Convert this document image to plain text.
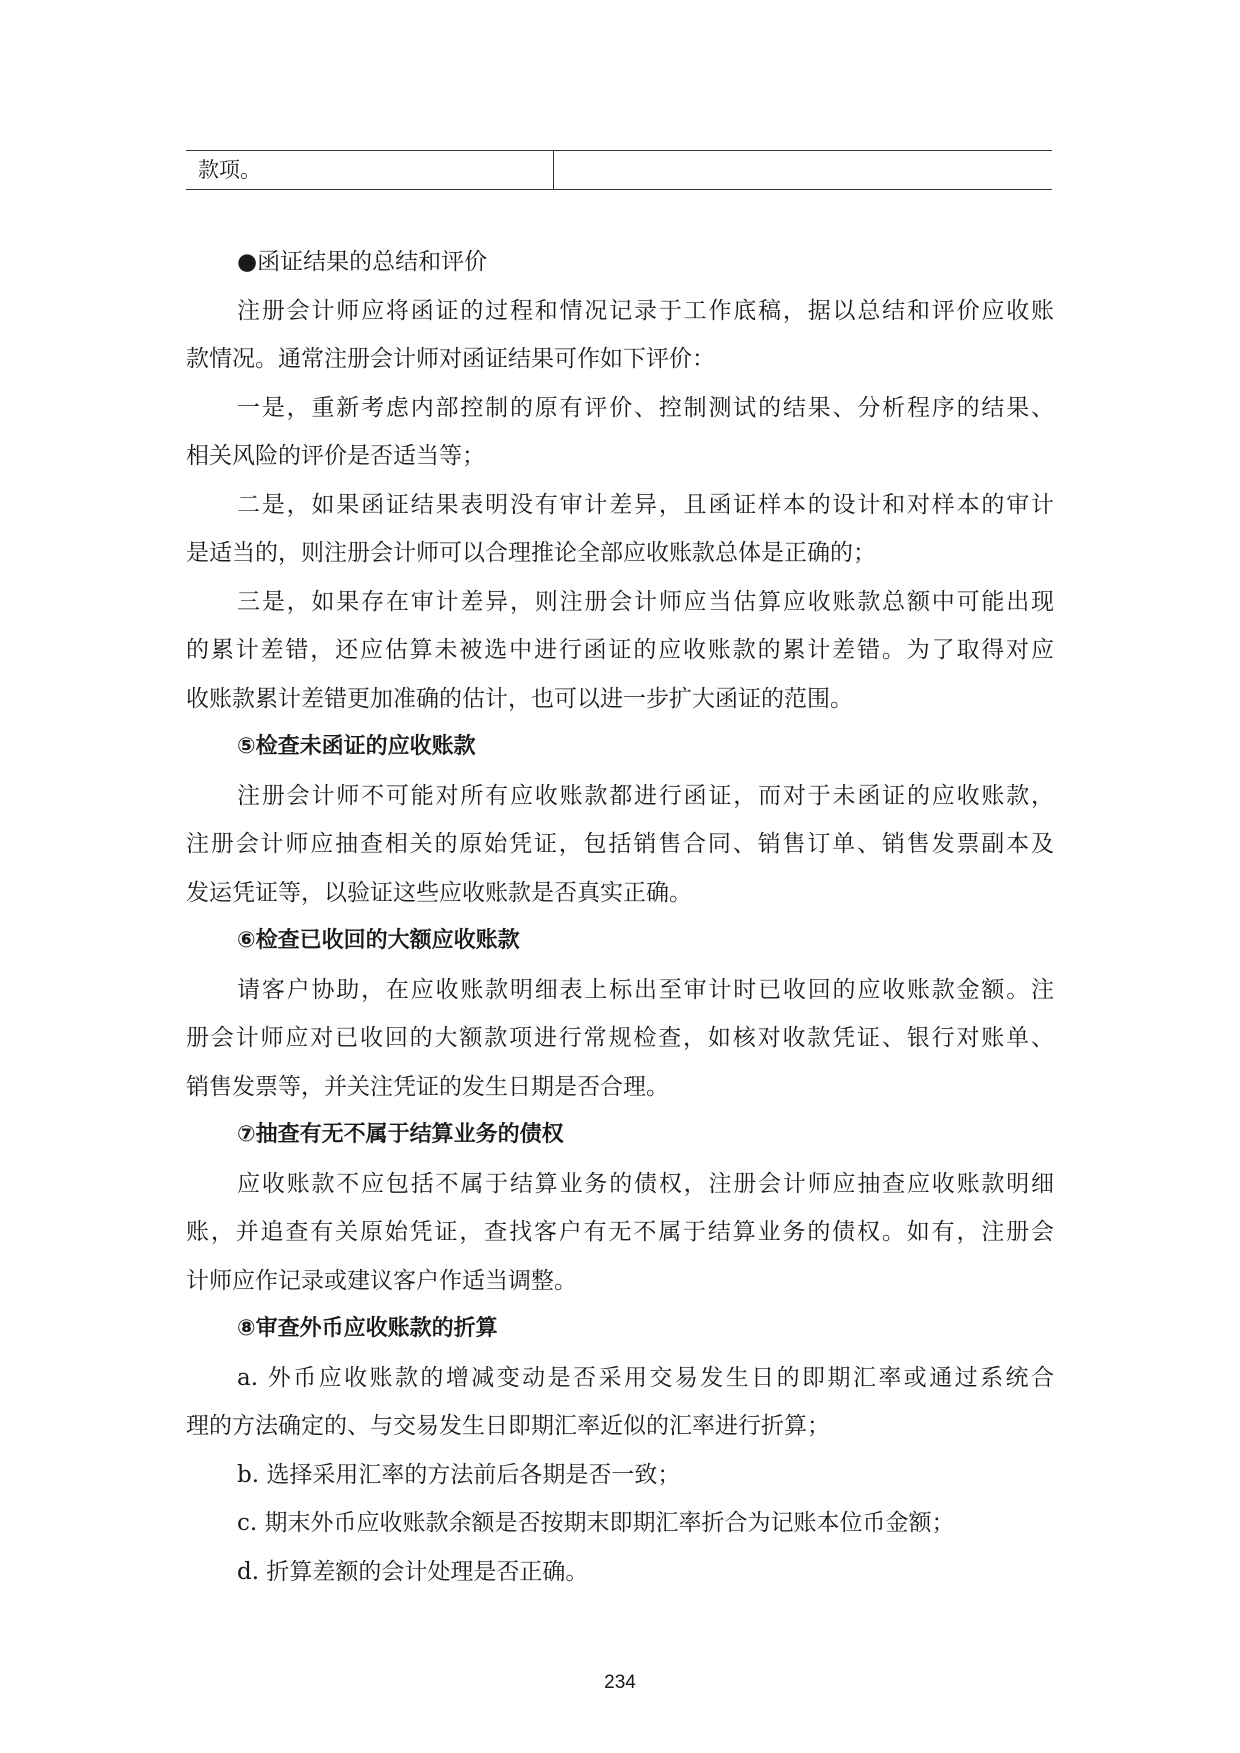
款项。
●函证结果的总结和评价
注册会计师应将函证的过程和情况记录于工作底稿，据以总结和评价应收账
款情况。通常注册会计师对函证结果可作如下评价：
一是，重新考虑内部控制的原有评价、控制测试的结果、分析程序的结果、
相关风险的评价是否适当等；
二是，如果函证结果表明没有审计差异，且函证样本的设计和对样本的审计
是适当的，则注册会计师可以合理推论全部应收账款总体是正确的；
三是，如果存在审计差异，则注册会计师应当估算应收账款总额中可能出现
的累计差错，还应估算未被选中进行函证的应收账款的累计差错。为了取得对应
收账款累计差错更加准确的估计，也可以进一步扩大函证的范围。
⑤检查未函证的应收账款
注册会计师不可能对所有应收账款都进行函证，而对于未函证的应收账款，
注册会计师应抽查相关的原始凭证，包括销售合同、销售订单、销售发票副本及
发运凭证等，以验证这些应收账款是否真实正确。
⑥检查已收回的大额应收账款
请客户协助，在应收账款明细表上标出至审计时已收回的应收账款金额。注
册会计师应对已收回的大额款项进行常规检查，如核对收款凭证、银行对账单、
销售发票等，并关注凭证的发生日期是否合理。
⑦抽查有无不属于结算业务的债权
应收账款不应包括不属于结算业务的债权，注册会计师应抽查应收账款明细
账，并追查有关原始凭证，查找客户有无不属于结算业务的债权。如有，注册会
计师应作记录或建议客户作适当调整。
⑧审查外币应收账款的折算
a. 外币应收账款的增减变动是否采用交易发生日的即期汇率或通过系统合
理的方法确定的、与交易发生日即期汇率近似的汇率进行折算；
b. 选择采用汇率的方法前后各期是否一致；
c. 期末外币应收账款余额是否按期末即期汇率折合为记账本位币金额；
d. 折算差额的会计处理是否正确。
234
